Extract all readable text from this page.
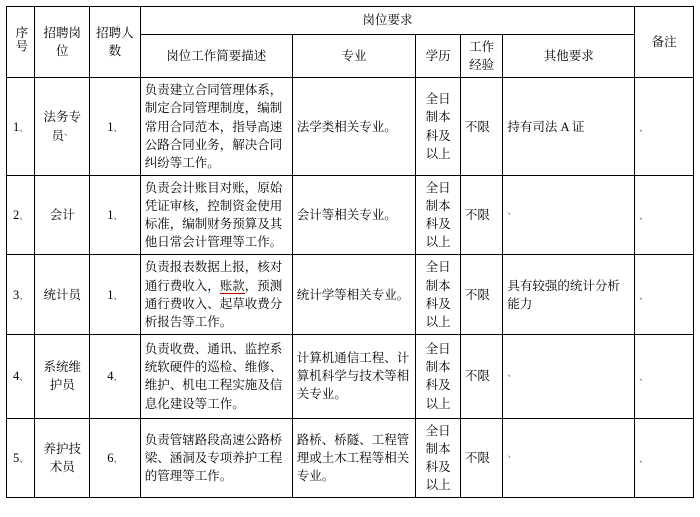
序号	招聘岗位	招聘人数	岗位要求					备注
			岗位工作简要描述	专业	学历	工作经验	其他要求	
1、	法务专员、	1、	负责建立合同管理体系，制定合同管理制度，编制常用合同范本，指导高速公路合同业务，解决合同纠纷等工作。	法学类相关专业。	全日
制本
科及
以上	不限	持有司法 A 证	、
2、	会计	1、	负责会计账目对账，原始凭证审核，控制资金使用标准，编制财务预算及其他日常会计管理等工作。	会计等相关专业。	全日
制本
科及
以上	不限	、	、
3、	统计员	1、	负责报表数据上报，核对通行费收入，账款，预测通行费收入、起草收费分析报告等工作。	统计学等相关专业。	全日
制本
科及
以上	不限	具有较强的统计分析能力	、
4、	系统维护员	4、	负责收费、通讯、监控系统软硬件的巡检、维修、维护、机电工程实施及信息化建设等工作。	计算机通信工程、计算机科学与技术等相关专业。	全日
制本
科及
以上	不限	、	、
5、	养护技术员	6、	负责管辖路段高速公路桥梁、涵洞及专项养护工程的管理等工作。	路桥、桥隧、工程管理或土木工程等相关专业。	全日
制本
科及
以上	不限	、	、
